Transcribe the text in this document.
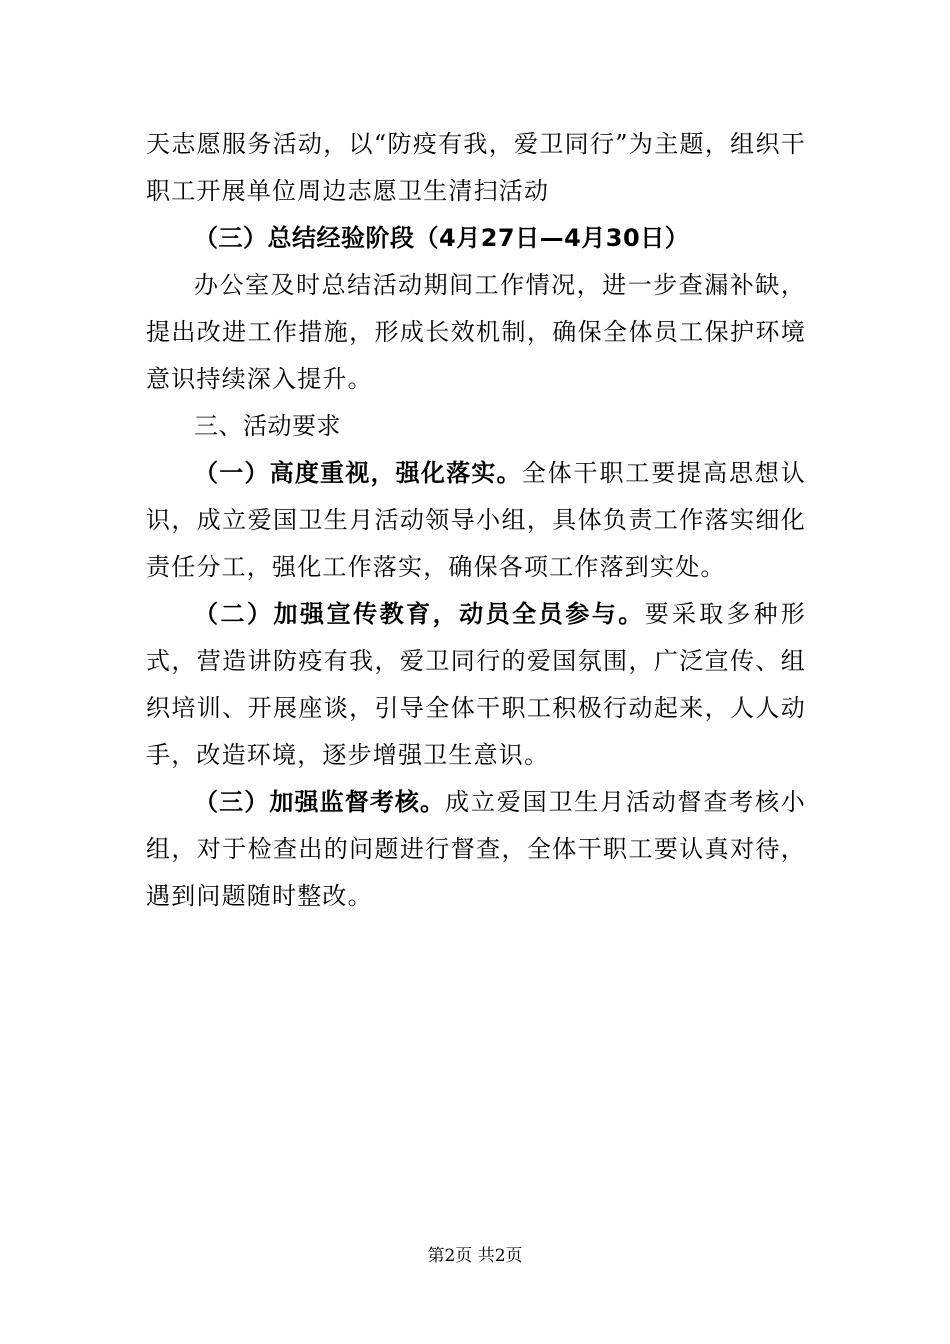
天志愿服务活动，以“防疫有我，爱卫同行”为主题，组织干职工开展单位周边志愿卫生清扫活动

（三）总结经验阶段（4月27日—4月30日）

办公室及时总结活动期间工作情况，进一步查漏补缺，提出改进工作措施，形成长效机制，确保全体员工保护环境意识持续深入提升。

三、活动要求

（一）高度重视，强化落实。全体干职工要提高思想认识，成立爱国卫生月活动领导小组，具体负责工作落实细化责任分工，强化工作落实，确保各项工作落到实处。

（二）加强宣传教育，动员全员参与。要采取多种形式，营造讲防疫有我，爱卫同行的爱国氛围，广泛宣传、组织培训、开展座谈，引导全体干职工积极行动起来，人人动手，改造环境，逐步增强卫生意识。

（三）加强监督考核。成立爱国卫生月活动督查考核小组，对于检查出的问题进行督查，全体干职工要认真对待，遇到问题随时整改。

第2页 共2页
